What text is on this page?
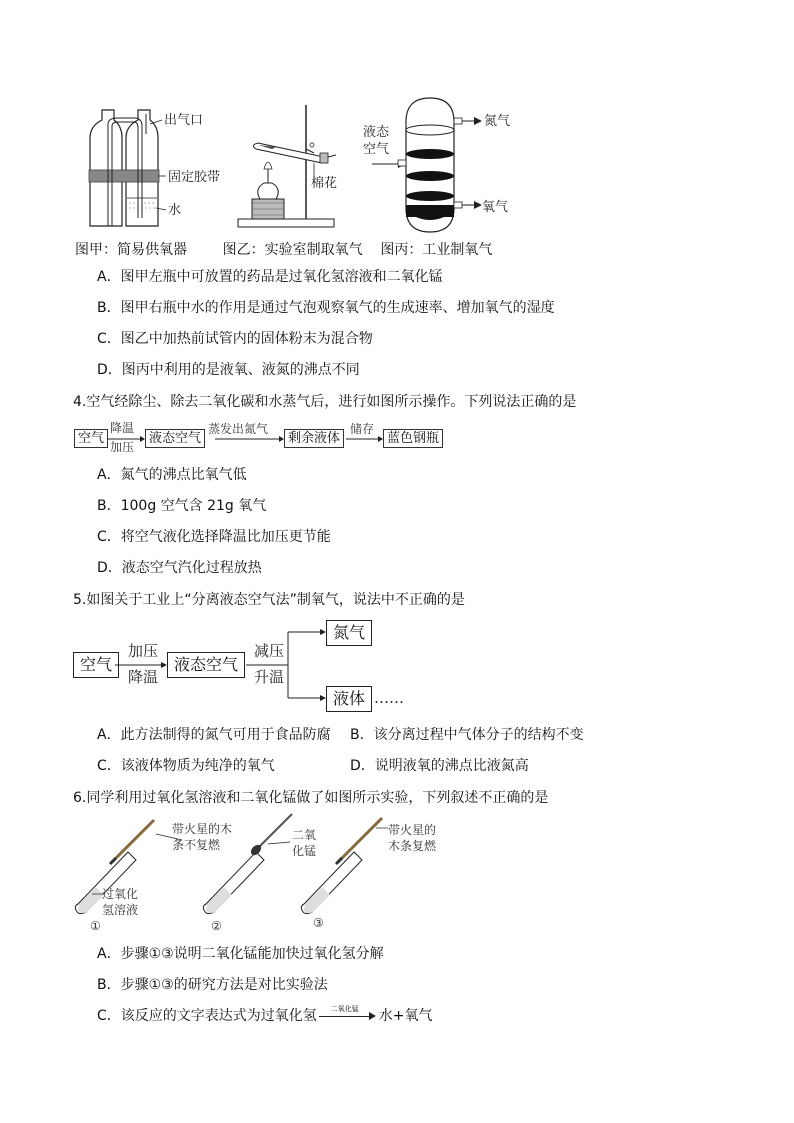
出气口
固定胶带
水
棉花
液态
空气
氮气
氧气
图甲：简易供氧器        图乙：实验室制取氧气    图丙：工业制氧气
A．图甲左瓶中可放置的药品是过氧化氢溶液和二氧化锰
B．图甲右瓶中水的作用是通过气泡观察氧气的生成速率、增加氧气的湿度
C．图乙中加热前试管内的固体粉末为混合物
D．图丙中利用的是液氧、液氮的沸点不同
4.空气经除尘、除去二氧化碳和水蒸气后，进行如图所示操作。下列说法正确的是
空气
降温
加压
液态空气
蒸发出氮气
剩余液体
储存
蓝色钢瓶
A．氮气的沸点比氧气低
B．100g 空气含 21g 氧气
C．将空气液化选择降温比加压更节能
D．液态空气汽化过程放热
5.如图关于工业上“分离液态空气法”制氧气，说法中不正确的是
空气
加压
降温
液态空气
减压
升温
氮气
液体 ……
A．此方法制得的氮气可用于食品防腐 B．该分离过程中气体分子的结构不变
C．该液体物质为纯净的氧气	D．说明液氧的沸点比液氮高
6.同学利用过氧化氢溶液和二氧化锰做了如图所示实验，下列叙述不正确的是
带火星的木
条不复燃
过氧化
氢溶液
①
二氧
化锰
②
带火星的
木条复燃
③
A．步骤①③说明二氧化锰能加快过氧化氢分解
B．步骤①③的研究方法是对比实验法
C．该反应的文字表达式为过氧化氢 二氧化锰 水+氧气
